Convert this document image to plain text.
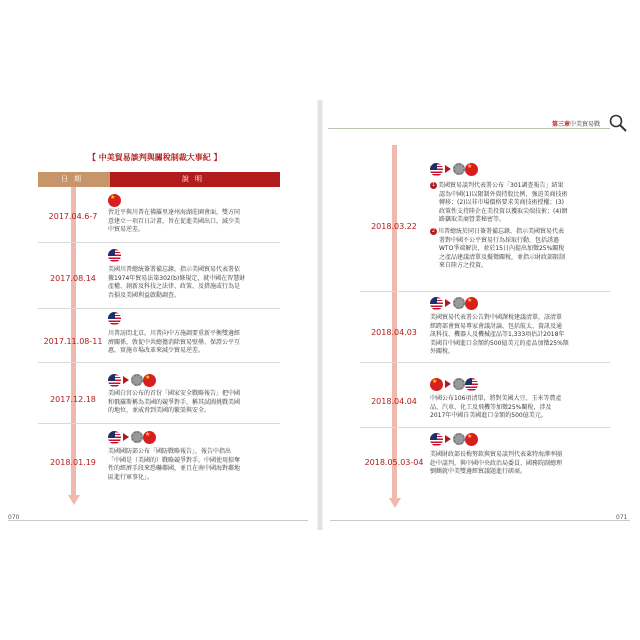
第三章 中美貿易戰
【 中美貿易談判與關稅制裁大事紀 】
日期	說明
2017.04.6-7
★	習近平與川普在佛羅里達州海湖莊園會面，雙方同
意建立一項百日計畫，旨在促進美國出口，減少美
中貿易逆差。
2017.08.14
美國川普總統簽署備忘錄，指示美國貿易代表署依
據1974年貿易法第302(b)條規定，就中國在智慧財
產權、創新及科技之法律、政策、及措施或行為是
否損及美國利益啟動調查。
2017.11.08-11
川普訪問北京。川普向中方施調要重新平衡雙邊經
濟關係，敦促中共總擔消除貿易壁壘、保證公平互
惠，實施市場改革來減少貿易逆差。
2017.12.18
★
美國白宮公布的首份「國家安全戰略報告」把中國
和俄羅斯稱為美國的競爭對手，稱其試圖挑戰美國
的地位，並威脅到美國的繁榮與安全。
2018.01.19
★
美國國防部公布「國防戰略報告」，報告中指出
「中國是（美國的）戰略競爭對手，中國使用掠奪
性的經濟手段來恐嚇鄰國，並且在南中國海對鄰地
區進行軍事化」。
070
2018.03.22
★
1 美國貿易談判代表署公布「301調查報告」結果
認為中國(1)以限制外資持股比例，強迫美商技術
轉移；(2)以非市場價格要求美商技術授權；(3)
政策性支持陸企在美投資以獲取尖端技術；(4)網
路竊取美商營業秘密等。
2 川普總統於同日簽署備忘錄，指示美國貿易代表
署對中國不公平貿易行為採取行動，包括誘過
WTO爭端解決，並於15日內提出加徵25%關稅
之產品建議清單及擬徵關稅，並指示財政部限制
來自陸方之投資。
2018.04.03
★
美國貿易代表署公告對中國課稅建議清單，該清單
經跨部會貿易專家會議討論，包括航太、資訊及通
訊科技、機器人及機械產品等1,333項估計2018年
美國自中國進口金額約500億美元的產品加徵25%額
外關稅。
2018.04.04
★	中國公布106項清單，將對美國大豆、玉米等農產
品、汽車、化工及飛機等加徵25%關稅，涉及
2017年中國自美國進口金額約500億美元。
2018.05.03-04
★
美國財政部長梅努欽與貿易談判代表萊特海澤率團
赴中談判，與中國中央政治局委員、國務院副總理
劉鶴就中美雙邊經貿議題進行磋商。
071
